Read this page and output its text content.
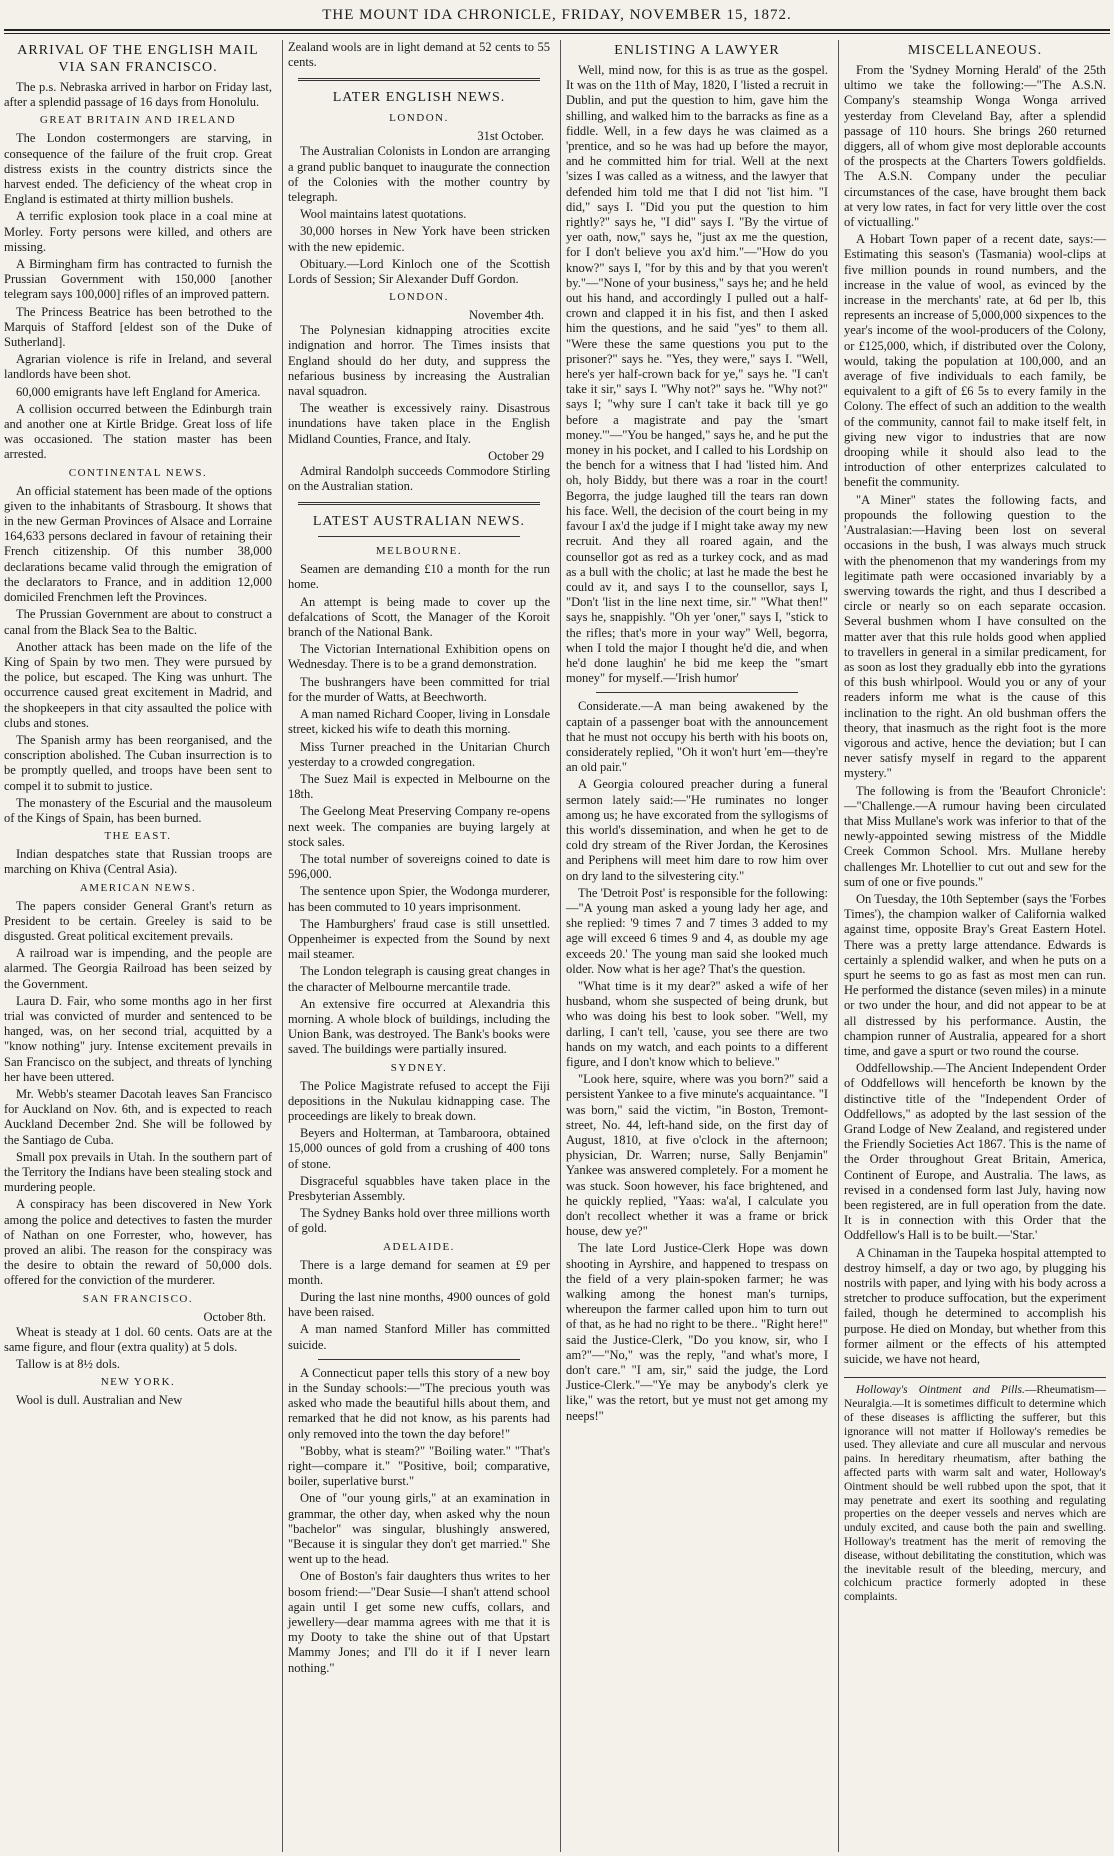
THE MOUNT IDA CHRONICLE, FRIDAY, NOVEMBER 15, 1872.
ARRIVAL OF THE ENGLISH MAIL VIA SAN FRANCISCO.

The p.s. Nebraska arrived in harbor on Friday last, after a splendid passage of 16 days from Honolulu.

GREAT BRITAIN AND IRELAND

The London costermongers are starving, in consequence of the failure of the fruit crop. Great distress exists in the country districts since the harvest ended. The deficiency of the wheat crop in England is estimated at thirty million bushels.

A terrific explosion took place in a coal mine at Morley. Forty persons were killed, and others are missing.

A Birmingham firm has contracted to furnish the Prussian Government with 150,000 [another telegram says 100,000] rifles of an improved pattern.

The Princess Beatrice has been betrothed to the Marquis of Stafford [eldest son of the Duke of Sutherland].

Agrarian violence is rife in Ireland, and several landlords have been shot.

60,000 emigrants have left England for America.

A collision occurred between the Edinburgh train and another one at Kirtle Bridge. Great loss of life was occasioned. The station master has been arrested.

CONTINENTAL NEWS.

An official statement has been made of the options given to the inhabitants of Strasbourg. It shows that in the new German Provinces of Alsace and Lorraine 164,633 persons declared in favour of retaining their French citizenship. Of this number 38,000 declarations became valid through the emigration of the declarators to France, and in addition 12,000 domiciled Frenchmen left the Provinces.

The Prussian Government are about to construct a canal from the Black Sea to the Baltic.

Another attack has been made on the life of the King of Spain by two men. They were pursued by the police, but escaped. The King was unhurt. The occurrence caused great excitement in Madrid, and the shopkeepers in that city assaulted the police with clubs and stones.

The Spanish army has been reorganised, and the conscription abolished. The Cuban insurrection is to be promptly quelled, and troops have been sent to compel it to submit to justice.

The monastery of the Escurial and the mausoleum of the Kings of Spain, has been burned.

THE EAST.

Indian despatches state that Russian troops are marching on Khiva (Central Asia).

AMERICAN NEWS.

The papers consider General Grant's return as President to be certain. Greeley is said to be disgusted. Great political excitement prevails.

A railroad war is impending, and the people are alarmed. The Georgia Railroad has been seized by the Government.

Laura D. Fair, who some months ago in her first trial was convicted of murder and sentenced to be hanged, was, on her second trial, acquitted by a "know nothing" jury. Intense excitement prevails in San Francisco on the subject, and threats of lynching her have been uttered.

Mr. Webb's steamer Dacotah leaves San Francisco for Auckland on Nov. 6th, and is expected to reach Auckland December 2nd. She will be followed by the Santiago de Cuba.

Small pox prevails in Utah. In the southern part of the Territory the Indians have been stealing stock and murdering people.

A conspiracy has been discovered in New York among the police and detectives to fasten the murder of Nathan on one Forrester, who, however, has proved an alibi. The reason for the conspiracy was the desire to obtain the reward of 50,000 dols. offered for the conviction of the murderer.

SAN FRANCISCO.
October 8th.

Wheat is steady at 1 dol. 60 cents. Oats are at the same figure, and flour (extra quality) at 5 dols.

Tallow is at 8½ dols.

NEW YORK.

Wool is dull. Australian and New

Zealand wools are in light demand at 52 cents to 55 cents.

LATER ENGLISH NEWS.
LONDON.
31st October.

The Australian Colonists in London are arranging a grand public banquet to inaugurate the connection of the Colonies with the mother country by telegraph.

Wool maintains latest quotations.

30,000 horses in New York have been stricken with the new epidemic.

Obituary.—Lord Kinloch one of the Scottish Lords of Session; Sir Alexander Duff Gordon.

LONDON.
November 4th.

The Polynesian kidnapping atrocities excite indignation and horror. The Times insists that England should do her duty, and suppress the nefarious business by increasing the Australian naval squadron.

The weather is excessively rainy. Disastrous inundations have taken place in the English Midland Counties, France, and Italy.

October 29

Admiral Randolph succeeds Commodore Stirling on the Australian station.

LATEST AUSTRALIAN NEWS.
MELBOURNE.

Seamen are demanding £10 a month for the run home.

An attempt is being made to cover up the defalcations of Scott, the Manager of the Koroit branch of the National Bank.

The Victorian International Exhibition opens on Wednesday. There is to be a grand demonstration.

The bushrangers have been committed for trial for the murder of Watts, at Beechworth.

A man named Richard Cooper, living in Lonsdale street, kicked his wife to death this morning.

Miss Turner preached in the Unitarian Church yesterday to a crowded congregation.

The Suez Mail is expected in Melbourne on the 18th.

The Geelong Meat Preserving Company re-opens next week. The companies are buying largely at stock sales.

The total number of sovereigns coined to date is 596,000.

The sentence upon Spier, the Wodonga murderer, has been commuted to 10 years imprisonment.

The Hamburghers' fraud case is still unsettled. Oppenheimer is expected from the Sound by next mail steamer.

The London telegraph is causing great changes in the character of Melbourne mercantile trade.

An extensive fire occurred at Alexandria this morning. A whole block of buildings, including the Union Bank, was destroyed. The Bank's books were saved. The buildings were partially insured.

SYDNEY.

The Police Magistrate refused to accept the Fiji depositions in the Nukulau kidnapping case. The proceedings are likely to break down.

Beyers and Holterman, at Tambaroora, obtained 15,000 ounces of gold from a crushing of 400 tons of stone.

Disgraceful squabbles have taken place in the Presbyterian Assembly.

The Sydney Banks hold over three millions worth of gold.

ADELAIDE.

There is a large demand for seamen at £9 per month.

During the last nine months, 4900 ounces of gold have been raised.

A man named Stanford Miller has committed suicide.

A Connecticut paper tells this story of a new boy in the Sunday schools:—"The precious youth was asked who made the beautiful hills about them, and remarked that he did not know, as his parents had only removed into the town the day before!"

"Bobby, what is steam?" "Boiling water." "That's right—compare it." "Positive, boil; comparative, boiler, superlative burst."

One of "our young girls," at an examination in grammar, the other day, when asked why the noun "bachelor" was singular, blushingly answered, "Because it is singular they don't get married." She went up to the head.

One of Boston's fair daughters thus writes to her bosom friend:—"Dear Susie—I shan't attend school again until I get some new cuffs, collars, and jewellery—dear mamma agrees with me that it is my Dooty to take the shine out of that Upstart Mammy Jones; and I'll do it if I never learn nothing."

ENLISTING A LAWYER

Well, mind now, for this is as true as the gospel. It was on the 11th of May, 1820, I 'listed a recruit in Dublin, and put the question to him, gave him the shilling, and walked him to the barracks as fine as a fiddle. Well, in a few days he was claimed as a 'prentice, and so he was had up before the mayor, and he committed him for trial. Well at the next 'sizes I was called as a witness, and the lawyer that defended him told me that I did not 'list him. "I did," says I. "Did you put the question to him rightly?" says he, "I did" says I. "By the virtue of yer oath, now," says he, "just ax me the question, for I don't believe you ax'd him."—"How do you know?" says I, "for by this and by that you weren't by."—"None of your business," says he; and he held out his hand, and accordingly I pulled out a half-crown and clapped it in his fist, and then I asked him the questions, and he said "yes" to them all. "Were these the same questions you put to the prisoner?" says he. "Yes, they were," says I. "Well, here's yer half-crown back for ye," says he. "I can't take it sir," says I. "Why not?" says he. "Why not?" says I; "why sure I can't take it back till ye go before a magistrate and pay the 'smart money.'"—"You be hanged," says he, and he put the money in his pocket, and I called to his Lordship on the bench for a witness that I had 'listed him. And oh, holy Biddy, but there was a roar in the court! Begorra, the judge laughed till the tears ran down his face. Well, the decision of the court being in my favour I ax'd the judge if I might take away my new recruit. And they all roared again, and the counsellor got as red as a turkey cock, and as mad as a bull with the cholic; at last he made the best he could av it, and says I to the counsellor, says I, "Don't 'list in the line next time, sir." "What then!" says he, snappishly. "Oh yer 'oner," says I, "stick to the rifles; that's more in your way" Well, begorra, when I told the major I thought he'd die, and when he'd done laughin' he bid me keep the "smart money" for myself.—'Irish humor'

Considerate.—A man being awakened by the captain of a passenger boat with the announcement that he must not occupy his berth with his boots on, considerately replied, "Oh it won't hurt 'em—they're an old pair."

A Georgia coloured preacher during a funeral sermon lately said:—"He ruminates no longer among us; he have excorated from the syllogisms of this world's dissemination, and when he get to de cold dry stream of the River Jordan, the Kerosines and Periphens will meet him dare to row him over on dry land to the silvestering city."

The 'Detroit Post' is responsible for the following:—"A young man asked a young lady her age, and she replied: '9 times 7 and 7 times 3 added to my age will exceed 6 times 9 and 4, as double my age exceeds 20.' The young man said she looked much older. Now what is her age? That's the question.

"What time is it my dear?" asked a wife of her husband, whom she suspected of being drunk, but who was doing his best to look sober. "Well, my darling, I can't tell, 'cause, you see there are two hands on my watch, and each points to a different figure, and I don't know which to believe."

"Look here, squire, where was you born?" said a persistent Yankee to a five minute's acquaintance. "I was born," said the victim, "in Boston, Tremont-street, No. 44, left-hand side, on the first day of August, 1810, at five o'clock in the afternoon; physician, Dr. Warren; nurse, Sally Benjamin" Yankee was answered completely. For a moment he was stuck. Soon however, his face brightened, and he quickly replied, "Yaas: wa'al, I calculate you don't recollect whether it was a frame or brick house, dew ye?"

The late Lord Justice-Clerk Hope was down shooting in Ayrshire, and happened to trespass on the field of a very plain-spoken farmer; he was walking among the honest man's turnips, whereupon the farmer called upon him to turn out of that, as he had no right to be there.. "Right here!" said the Justice-Clerk, "Do you know, sir, who I am?"—"No," was the reply, "and what's more, I don't care." "I am, sir," said the judge, the Lord Justice-Clerk."—"Ye may be anybody's clerk ye like," was the retort, but ye must not get among my neeps!"

MISCELLANEOUS.

From the 'Sydney Morning Herald' of the 25th ultimo we take the following:—"The A.S.N. Company's steamship Wonga Wonga arrived yesterday from Cleveland Bay, after a splendid passage of 110 hours. She brings 260 returned diggers, all of whom give most deplorable accounts of the prospects at the Charters Towers goldfields. The A.S.N. Company under the peculiar circumstances of the case, have brought them back at very low rates, in fact for very little over the cost of victualling."

A Hobart Town paper of a recent date, says:—Estimating this season's (Tasmania) wool-clips at five million pounds in round numbers, and the increase in the value of wool, as evinced by the increase in the merchants' rate, at 6d per lb, this represents an increase of 5,000,000 sixpences to the year's income of the wool-producers of the Colony, or £125,000, which, if distributed over the Colony, would, taking the population at 100,000, and an average of five individuals to each family, be equivalent to a gift of £6 5s to every family in the Colony. The effect of such an addition to the wealth of the community, cannot fail to make itself felt, in giving new vigor to industries that are now drooping while it should also lead to the introduction of other enterprizes calculated to benefit the community.

"A Miner" states the following facts, and propounds the following question to the 'Australasian:—Having been lost on several occasions in the bush, I was always much struck with the phenomenon that my wanderings from my legitimate path were occasioned invariably by a swerving towards the right, and thus I described a circle or nearly so on each separate occasion. Several bushmen whom I have consulted on the matter aver that this rule holds good when applied to travellers in general in a similar predicament, for as soon as lost they gradually ebb into the gyrations of this bush whirlpool. Would you or any of your readers inform me what is the cause of this inclination to the right. An old bushman offers the theory, that inasmuch as the right foot is the more vigorous and active, hence the deviation; but I can never satisfy myself in regard to the apparent mystery."

The following is from the 'Beaufort Chronicle':—"Challenge.—A rumour having been circulated that Miss Mullane's work was inferior to that of the newly-appointed sewing mistress of the Middle Creek Common School. Mrs. Mullane hereby challenges Mr. Lhotellier to cut out and sew for the sum of one or five pounds."

On Tuesday, the 10th September (says the 'Forbes Times'), the champion walker of California walked against time, opposite Bray's Great Eastern Hotel. There was a pretty large attendance. Edwards is certainly a splendid walker, and when he puts on a spurt he seems to go as fast as most men can run. He performed the distance (seven miles) in a minute or two under the hour, and did not appear to be at all distressed by his performance. Austin, the champion runner of Australia, appeared for a short time, and gave a spurt or two round the course.

Oddfellowship.—The Ancient Independent Order of Oddfellows will henceforth be known by the distinctive title of the "Independent Order of Oddfellows," as adopted by the last session of the Grand Lodge of New Zealand, and registered under the Friendly Societies Act 1867. This is the name of the Order throughout Great Britain, America, Continent of Europe, and Australia. The laws, as revised in a condensed form last July, having now been registered, are in full operation from the date. It is in connection with this Order that the Oddfellow's Hall is to be built.—'Star.'

A Chinaman in the Taupeka hospital attempted to destroy himself, a day or two ago, by plugging his nostrils with paper, and lying with his body across a stretcher to produce suffocation, but the experiment failed, though he determined to accomplish his purpose. He died on Monday, but whether from this former ailment or the effects of his attempted suicide, we have not heard,

Holloway's Ointment and Pills.—Rheumatism—Neuralgia.—It is sometimes difficult to determine which of these diseases is afflicting the sufferer, but this ignorance will not matter if Holloway's remedies be used. They alleviate and cure all muscular and nervous pains. In hereditary rheumatism, after bathing the affected parts with warm salt and water, Holloway's Ointment should be well rubbed upon the spot, that it may penetrate and exert its soothing and regulating properties on the deeper vessels and nerves which are unduly excited, and cause both the pain and swelling. Holloway's treatment has the merit of removing the disease, without debilitating the constitution, which was the inevitable result of the bleeding, mercury, and colchicum practice formerly adopted in these complaints.
